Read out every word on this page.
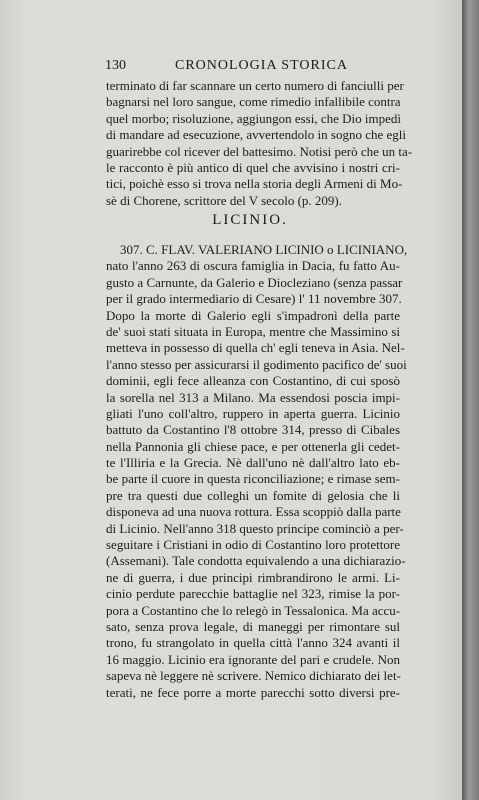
130	CRONOLOGIA STORICA
terminato di far scannare un certo numero di fanciulli per
bagnarsi nel loro sangue, come rimedio infallibile contra
quel morbo; risoluzione, aggiungon essi, che Dio impedì
di mandare ad esecuzione, avvertendolo in sogno che egli
guarirebbe col ricever del battesimo. Notisi però che un ta-
le racconto è più antico di quel che avvisino i nostri cri-
tici, poichè esso si trova nella storia degli Armeni di Mo-
sè di Chorene, scrittore del V secolo (p. 209).
LICINIO.
307. C. FLAV. VALERIANO LICINIO o LICINIANO,
nato l'anno 263 di oscura famiglia in Dacia, fu fatto Au-
gusto a Carnunte, da Galerio e Diocleziano (senza passar
per il grado intermediario di Cesare) l' 11 novembre 307.
Dopo la morte di Galerio egli s'impadronì della parte
de' suoi stati situata in Europa, mentre che Massimino si
metteva in possesso di quella ch' egli teneva in Asia. Nel-
l'anno stesso per assicurarsi il godimento pacifico de' suoi
dominii, egli fece alleanza con Costantino, di cui sposò
la sorella nel 313 a Milano. Ma essendosi poscia impi-
gliati l'uno coll'altro, ruppero in aperta guerra. Licinio
battuto da Costantino l'8 ottobre 314, presso di Cibales
nella Pannonia gli chiese pace, e per ottenerla gli cedet-
te l'Illiria e la Grecia. Nè dall'uno nè dall'altro lato eb-
be parte il cuore in questa riconciliazione; e rimase sem-
pre tra questi due colleghi un fomite di gelosia che li
disponeva ad una nuova rottura. Essa scoppiò dalla parte
di Licinio. Nell'anno 318 questo principe cominciò a per-
seguitare i Cristiani in odio di Costantino loro protettore
(Assemani). Tale condotta equivalendo a una dichiarazio-
ne di guerra, i due principi rimbrandirono le armi. Li-
cinio perdute parecchie battaglie nel 323, rimise la por-
pora a Costantino che lo relegò in Tessalonica. Ma accu-
sato, senza prova legale, di maneggi per rimontare sul
trono, fu strangolato in quella città l'anno 324 avanti il
16 maggio. Licinio era ignorante del pari e crudele. Non
sapeva nè leggere nè scrivere. Nemico dichiarato dei let-
terati, ne fece porre a morte parecchi sotto diversi pre-
